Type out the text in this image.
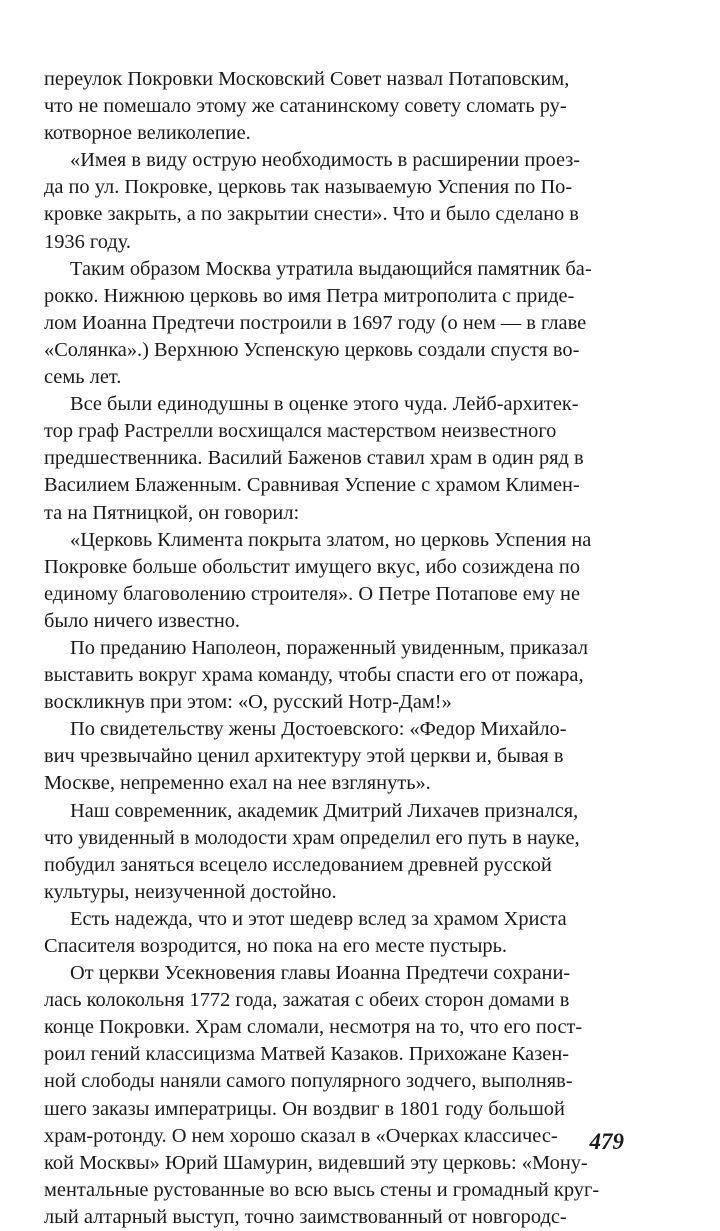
переулок Покровки Московский Совет назвал Потаповским,
что не помешало этому же сатанинскому совету сломать ру-
котворное великолепие.

«Имея в виду острую необходимость в расширении проез-
да по ул. Покровке, церковь так называемую Успения по По-
кровке закрыть, а по закрытии снести». Что и было сделано в
1936 году.

Таким образом Москва утратила выдающийся памятник ба-
рокко. Нижнюю церковь во имя Петра митрополита с приде-
лом Иоанна Предтечи построили в 1697 году (о нем — в главе
«Солянка».) Верхнюю Успенскую церковь создали спустя во-
семь лет.

Все были единодушны в оценке этого чуда. Лейб-архитек-
тор граф Растрелли восхищался мастерством неизвестного
предшественника. Василий Баженов ставил храм в один ряд в
Василием Блаженным. Сравнивая Успение с храмом Климен-
та на Пятницкой, он говорил:

«Церковь Климента покрыта златом, но церковь Успения на
Покровке больше обольстит имущего вкус, ибо созиждена по
единому благоволению строителя». О Петре Потапове ему не
было ничего известно.

По преданию Наполеон, пораженный увиденным, приказал
выставить вокруг храма команду, чтобы спасти его от пожара,
воскликнув при этом: «О, русский Нотр-Дам!»

По свидетельству жены Достоевского: «Федор Михайло-
вич чрезвычайно ценил архитектуру этой церкви и, бывая в
Москве, непременно ехал на нее взглянуть».

Наш современник, академик Дмитрий Лихачев признался,
что увиденный в молодости храм определил его путь в науке,
побудил заняться всецело исследованием древней русской
культуры, неизученной достойно.

Есть надежда, что и этот шедевр вслед за храмом Христа
Спасителя возродится, но пока на его месте пустырь.

От церкви Усекновения главы Иоанна Предтечи сохрани-
лась колокольня 1772 года, зажатая с обеих сторон домами в
конце Покровки. Храм сломали, несмотря на то, что его пост-
роил гений классицизма Матвей Казаков. Прихожане Казен-
ной слободы наняли самого популярного зодчего, выполняв-
шего заказы императрицы. Он воздвиг в 1801 году большой
храм-ротонду. О нем хорошо сказал в «Очерках классичес-
кой Москвы» Юрий Шамурин, видевший эту церковь: «Мону-
ментальные рустованные во всю высь стены и громадный круг-
лый алтарный выступ, точно заимствованный от новгородс-

479
